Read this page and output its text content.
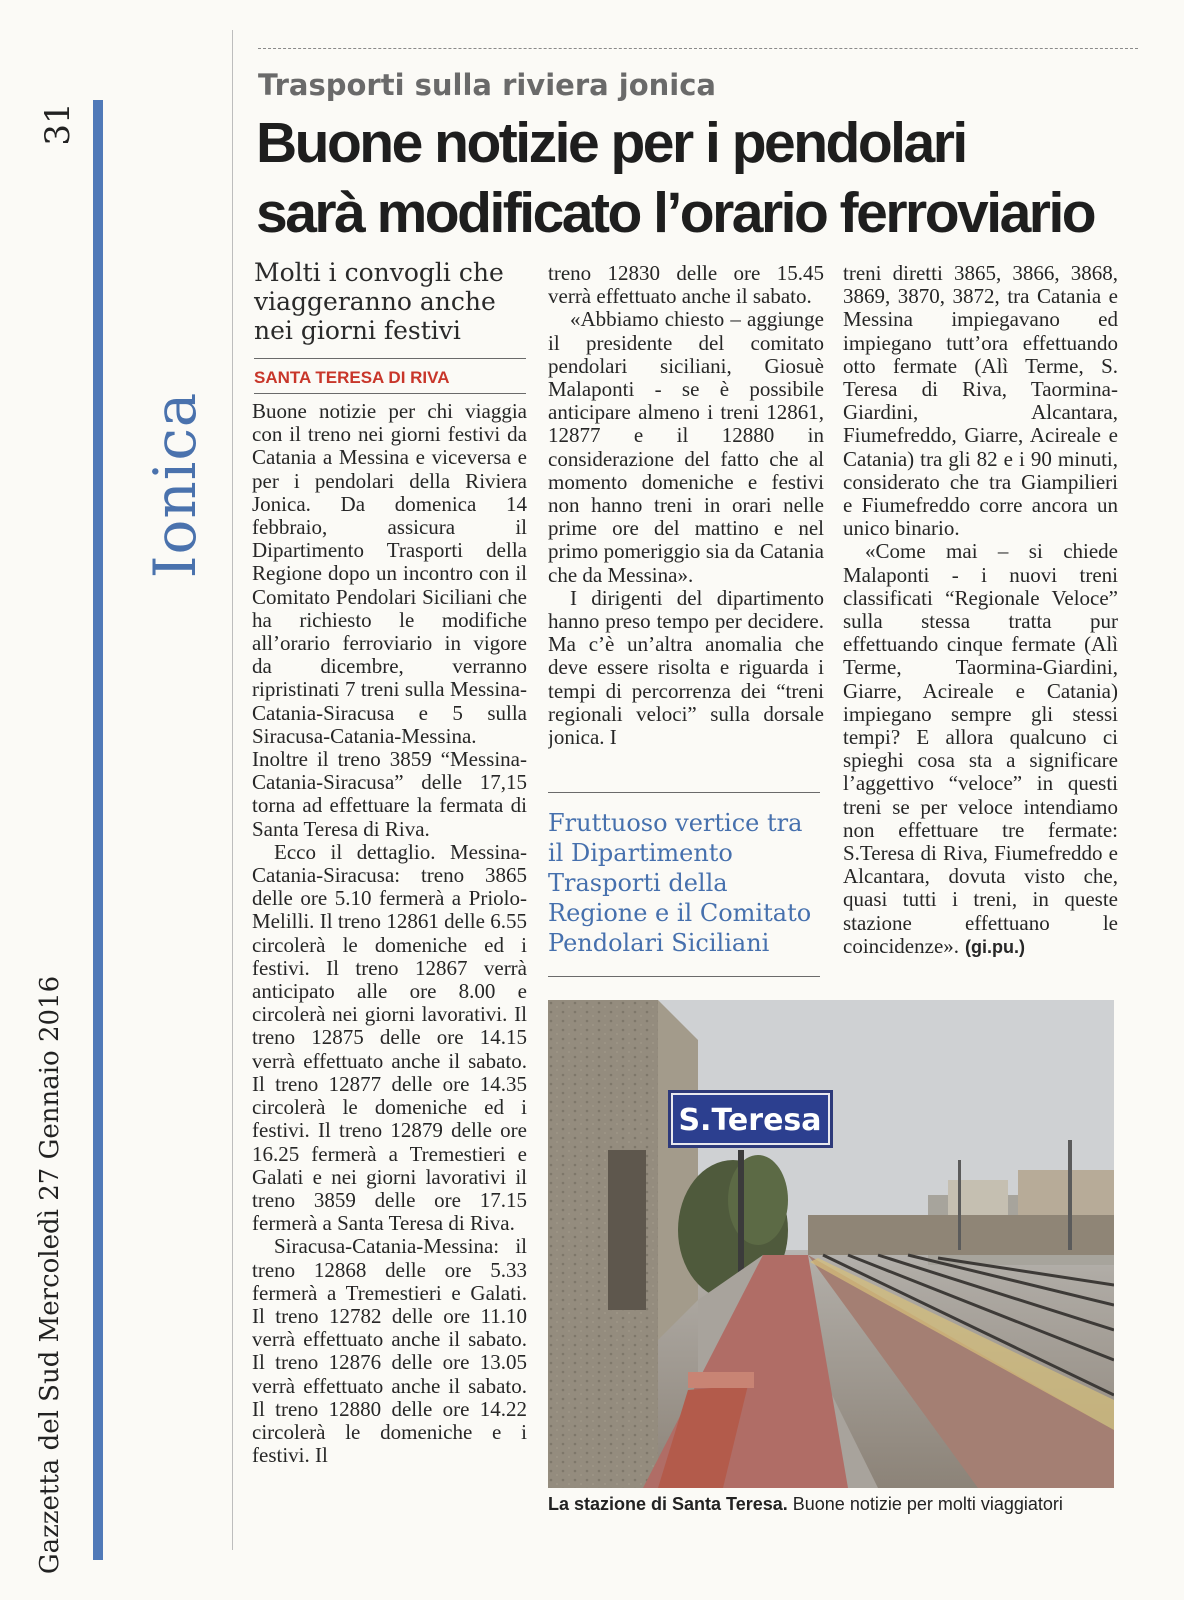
31
Ionica
Gazzetta del Sud Mercoledì 27 Gennaio 2016
Trasporti sulla riviera jonica
Buone notizie per i pendolari
sarà modificato l’orario ferroviario
Molti i convogli che viaggeranno anche nei giorni festivi
SANTA TERESA DI RIVA

Buone notizie per chi viaggia con il treno nei giorni festivi da Catania a Messina e viceversa e per i pendolari della Riviera Jonica. Da domenica 14 febbraio, assicura il Dipartimento Trasporti della Regione dopo un incontro con il Comitato Pendolari Siciliani che ha richiesto le modifiche all’orario ferroviario in vigore da dicembre, verranno ripristinati 7 treni sulla Messina-Catania-Siracusa e 5 sulla Siracusa-Catania-Messina.

Inoltre il treno 3859 “Messina-Catania-Siracusa” delle 17,15 torna ad effettuare la fermata di Santa Teresa di Riva.

Ecco il dettaglio. Messina-Catania-Siracusa: treno 3865 delle ore 5.10 fermerà a Priolo-Melilli. Il treno 12861 delle 6.55 circolerà le domeniche ed i festivi. Il treno 12867 verrà anticipato alle ore 8.00 e circolerà nei giorni lavorativi. Il treno 12875 delle ore 14.15 verrà effettuato anche il sabato. Il treno 12877 delle ore 14.35 circolerà le domeniche ed i festivi. Il treno 12879 delle ore 16.25 fermerà a Tremestieri e Galati e nei giorni lavorativi il treno 3859 delle ore 17.15 fermerà a Santa Teresa di Riva.

Siracusa-Catania-Messina: il treno 12868 delle ore 5.33 fermerà a Tremestieri e Galati. Il treno 12782 delle ore 11.10 verrà effettuato anche il sabato. Il treno 12876 delle ore 13.05 verrà effettuato anche il sabato. Il treno 12880 delle ore 14.22 circolerà le domeniche e i festivi. Il

treno 12830 delle ore 15.45 verrà effettuato anche il sabato.

«Abbiamo chiesto – aggiunge il presidente del comitato pendolari siciliani, Giosuè Malaponti - se è possibile anticipare almeno i treni 12861, 12877 e il 12880 in considerazione del fatto che al momento domeniche e festivi non hanno treni in orari nelle prime ore del mattino e nel primo pomeriggio sia da Catania che da Messina».

I dirigenti del dipartimento hanno preso tempo per decidere. Ma c’è un’altra anomalia che deve essere risolta e riguarda i tempi di percorrenza dei “treni regionali veloci” sulla dorsale jonica. I

Fruttuoso vertice tra il Dipartimento Trasporti della Regione e il Comitato Pendolari Siciliani

treni diretti 3865, 3866, 3868, 3869, 3870, 3872, tra Catania e Messina impiegavano ed impiegano tutt’ora effettuando otto fermate (Alì Terme, S. Teresa di Riva, Taormina-Giardini, Alcantara, Fiumefreddo, Giarre, Acireale e Catania) tra gli 82 e i 90 minuti, considerato che tra Giampilieri e Fiumefreddo corre ancora un unico binario.

«Come mai – si chiede Malaponti - i nuovi treni classificati “Regionale Veloce” sulla stessa tratta pur effettuando cinque fermate (Alì Terme, Taormina-Giardini, Giarre, Acireale e Catania) impiegano sempre gli stessi tempi? E allora qualcuno ci spieghi cosa sta a significare l’aggettivo “veloce” in questi treni se per veloce intendiamo non effettuare tre fermate: S.Teresa di Riva, Fiumefreddo e Alcantara, dovuta visto che, quasi tutti i treni, in queste stazione effettuano le coincidenze». (gi.pu.)

S.Teresa
La stazione di Santa Teresa. Buone notizie per molti viaggiatori
